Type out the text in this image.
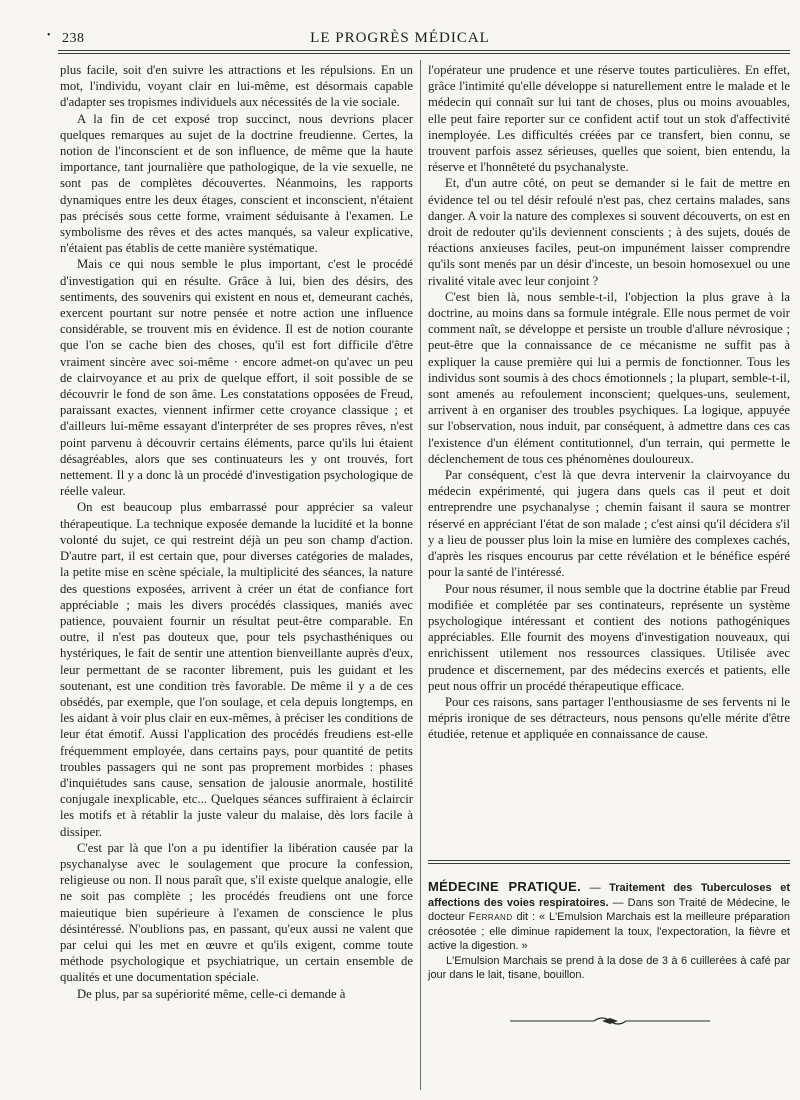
• 238	LE PROGRÈS MÉDICAL

plus facile, soit d'en suivre les attractions et les répulsions. En un mot, l'individu, voyant clair en lui-même, est désormais capable d'adapter ses tropismes individuels aux nécessités de la vie sociale.

A la fin de cet exposé trop succinct, nous devrions placer quelques remarques au sujet de la doctrine freudienne. Certes, la notion de l'inconscient et de son influence, de même que la haute importance, tant journalière que pathologique, de la vie sexuelle, ne sont pas de complètes découvertes. Néanmoins, les rapports dynamiques entre les deux étages, conscient et inconscient, n'étaient pas précisés sous cette forme, vraiment séduisante à l'examen. Le symbolisme des rêves et des actes manqués, sa valeur explicative, n'étaient pas établis de cette manière systématique.

Mais ce qui nous semble le plus important, c'est le procédé d'investigation qui en résulte. Grâce à lui, bien des désirs, des sentiments, des souvenirs qui existent en nous et, demeurant cachés, exercent pourtant sur notre pensée et notre action une influence considérable, se trouvent mis en évidence. Il est de notion courante que l'on se cache bien des choses, qu'il est fort difficile d'être vraiment sincère avec soi-même · encore admet-on qu'avec un peu de clairvoyance et au prix de quelque effort, il soit possible de se découvrir le fond de son âme. Les constatations opposées de Freud, paraissant exactes, viennent infirmer cette croyance classique ; et d'ailleurs lui-même essayant d'interpréter de ses propres rêves, n'est point parvenu à découvrir certains éléments, parce qu'ils lui étaient désagréables, alors que ses continuateurs les y ont trouvés, fort nettement. Il y a donc là un procédé d'investigation psychologique de réelle valeur.

On est beaucoup plus embarrassé pour apprécier sa valeur thérapeutique. La technique exposée demande la lucidité et la bonne volonté du sujet, ce qui restreint déjà un peu son champ d'action. D'autre part, il est certain que, pour diverses catégories de malades, la petite mise en scène spéciale, la multiplicité des séances, la nature des questions exposées, arrivent à créer un état de confiance fort appréciable ; mais les divers procédés classiques, maniés avec patience, pouvaient fournir un résultat peut-être comparable. En outre, il n'est pas douteux que, pour tels psychasthéniques ou hystériques, le fait de sentir une attention bienveillante auprès d'eux, leur permettant de se raconter librement, puis les guidant et les soutenant, est une condition très favorable. De même il y a de ces obsédés, par exemple, que l'on soulage, et cela depuis longtemps, en les aidant à voir plus clair en eux-mêmes, à préciser les conditions de leur état émotif. Aussi l'application des procédés freudiens est-elle fréquemment employée, dans certains pays, pour quantité de petits troubles passagers qui ne sont pas proprement morbides : phases d'inquiétudes sans cause, sensation de jalousie anormale, hostilité conjugale inexplicable, etc... Quelques séances suffiraient à éclaircir les motifs et à rétablir la juste valeur du malaise, dès lors facile à dissiper.

C'est par là que l'on a pu identifier la libération causée par la psychanalyse avec le soulagement que procure la confession, religieuse ou non. Il nous paraît que, s'il existe quelque analogie, elle ne soit pas complète ; les procédés freudiens ont une force maieutique bien supérieure à l'examen de conscience le plus désintéressé. N'oublions pas, en passant, qu'eux aussi ne valent que par celui qui les met en œuvre et qu'ils exigent, comme toute méthode psychologique et psychiatrique, un certain ensemble de qualités et une documentation spéciale.

De plus, par sa supériorité même, celle-ci demande à

l'opérateur une prudence et une réserve toutes particulières. En effet, grâce l'intimité qu'elle développe si naturellement entre le malade et le médecin qui connaît sur lui tant de choses, plus ou moins avouables, elle peut faire reporter sur ce confident actif tout un stok d'affectivité inemployée. Les difficultés créées par ce transfert, bien connu, se trouvent parfois assez sérieuses, quelles que soient, bien entendu, la réserve et l'honnêteté du psychanalyste.

Et, d'un autre côté, on peut se demander si le fait de mettre en évidence tel ou tel désir refoulé n'est pas, chez certains malades, sans danger. A voir la nature des complexes si souvent découverts, on est en droit de redouter qu'ils deviennent conscients ; à des sujets, doués de réactions anxieuses faciles, peut-on impunément laisser comprendre qu'ils sont menés par un désir d'inceste, un besoin homosexuel ou une rivalité vitale avec leur conjoint ?

C'est bien là, nous semble-t-il, l'objection la plus grave à la doctrine, au moins dans sa formule intégrale. Elle nous permet de voir comment naît, se développe et persiste un trouble d'allure névrosique ; peut-être que la connaissance de ce mécanisme ne suffit pas à expliquer la cause première qui lui a permis de fonctionner. Tous les individus sont soumis à des chocs émotionnels ; la plupart, semble-t-il, sont amenés au refoulement inconscient; quelques-uns, seulement, arrivent à en organiser des troubles psychiques. La logique, appuyée sur l'observation, nous induit, par conséquent, à admettre dans ces cas l'existence d'un élément contitutionnel, d'un terrain, qui permette le déclenchement de tous ces phénomènes douloureux.

Par conséquent, c'est là que devra intervenir la clairvoyance du médecin expérimenté, qui jugera dans quels cas il peut et doit entreprendre une psychanalyse ; chemin faisant il saura se montrer réservé en appréciant l'état de son malade ; c'est ainsi qu'il décidera s'il y a lieu de pousser plus loin la mise en lumière des complexes cachés, d'après les risques encourus par cette révélation et le bénéfice espéré pour la santé de l'intéressé.

Pour nous résumer, il nous semble que la doctrine établie par Freud modifiée et complétée par ses continateurs, représente un système psychologique intéressant et contient des notions pathogéniques appréciables. Elle fournit des moyens d'investigation nouveaux, qui enrichissent utilement nos ressources classiques. Utilisée avec prudence et discernement, par des médecins exercés et patients, elle peut nous offrir un procédé thérapeutique efficace.

Pour ces raisons, sans partager l'enthousiasme de ses fervents ni le mépris ironique de ses détracteurs, nous pensons qu'elle mérite d'être étudiée, retenue et appliquée en connaissance de cause.

MÉDECINE PRATIQUE. — Traitement des Tuberculoses et affections des voies respiratoires. — Dans son Traité de Médecine, le docteur Ferrand dit : « L'Emulsion Marchais est la meilleure préparation créosotée ; elle diminue rapidement la toux, l'expectoration, la fièvre et active la digestion. »

L'Emulsion Marchais se prend à la dose de 3 à 6 cuillerées à café par jour dans le lait, tisane, bouillon.
